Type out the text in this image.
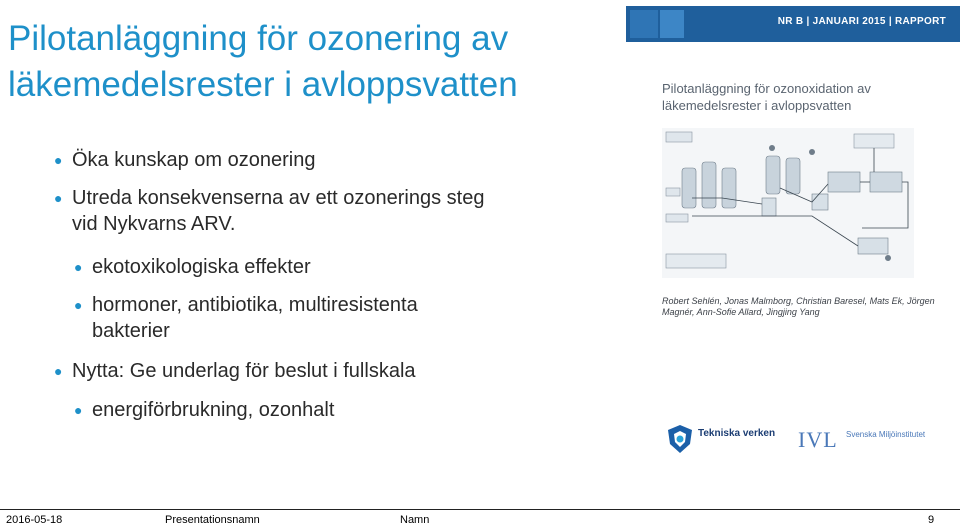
Pilotanläggning för ozonering av läkemedelsrester i avloppsvatten
● Öka kunskap om ozonering
● Utreda konsekvenserna av ett ozonerings steg vid Nykvarns ARV.
● ekotoxikologiska effekter
● hormoner, antibiotika, multiresistenta bakterier
● Nytta: Ge underlag för beslut i fullskala
● energiförbrukning, ozonhalt
NR B | JANUARI 2015 | RAPPORT
Pilotanläggning för ozonoxidation av läkemedelsrester i avloppsvatten
Robert Sehlén, Jonas Malmborg, Christian Baresel, Mats Ek, Jörgen Magnér, Ann-Sofie Allard, Jingjing Yang
Tekniska verken IVL Svenska Miljöinstitutet
2016-05-18	Presentationsnamn	Namn	9
